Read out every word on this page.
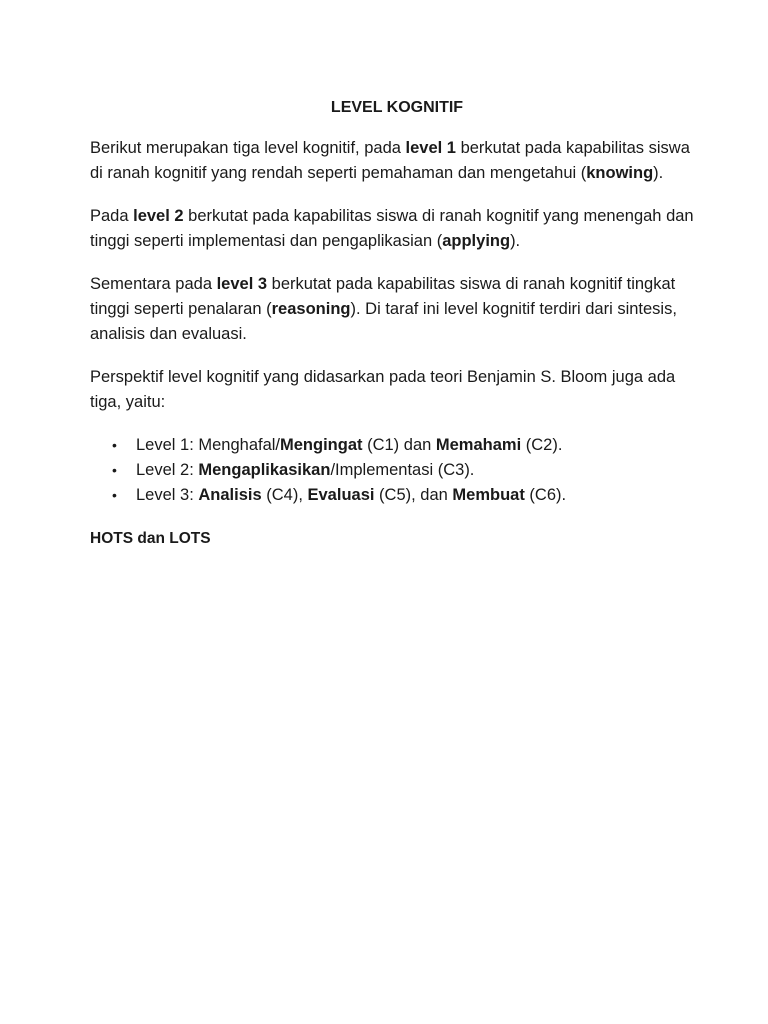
LEVEL KOGNITIF

Berikut merupakan tiga level kognitif, pada level 1 berkutat pada kapabilitas siswa di ranah kognitif yang rendah seperti pemahaman dan mengetahui (knowing).

Pada level 2 berkutat pada kapabilitas siswa di ranah kognitif yang menengah dan tinggi seperti implementasi dan pengaplikasian (applying).

Sementara pada level 3 berkutat pada kapabilitas siswa di ranah kognitif tingkat tinggi seperti penalaran (reasoning). Di taraf ini level kognitif terdiri dari sintesis, analisis dan evaluasi.

Perspektif level kognitif yang didasarkan pada teori Benjamin S. Bloom juga ada tiga, yaitu:

• Level 1: Menghafal/Mengingat (C1) dan Memahami (C2).
• Level 2: Mengaplikasikan/Implementasi (C3).
• Level 3: Analisis (C4), Evaluasi (C5), dan Membuat (C6).
HOTS dan LOTS
